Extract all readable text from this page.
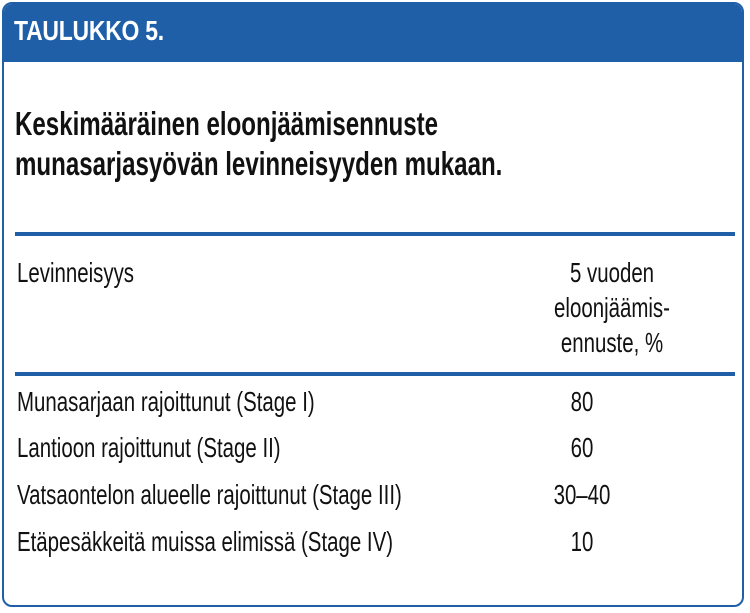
TAULUKKO 5.
Keskimääräinen eloonjäämisennuste
munasarjasyövän levinneisyyden mukaan.
Levinneisyys	5 vuoden
eloonjäämis-
ennuste, %
Munasarjaan rajoittunut (Stage I)	80
Lantioon rajoittunut (Stage II)	60
Vatsaontelon alueelle rajoittunut (Stage III)	30–40
Etäpesäkkeitä muissa elimissä (Stage IV)	10
